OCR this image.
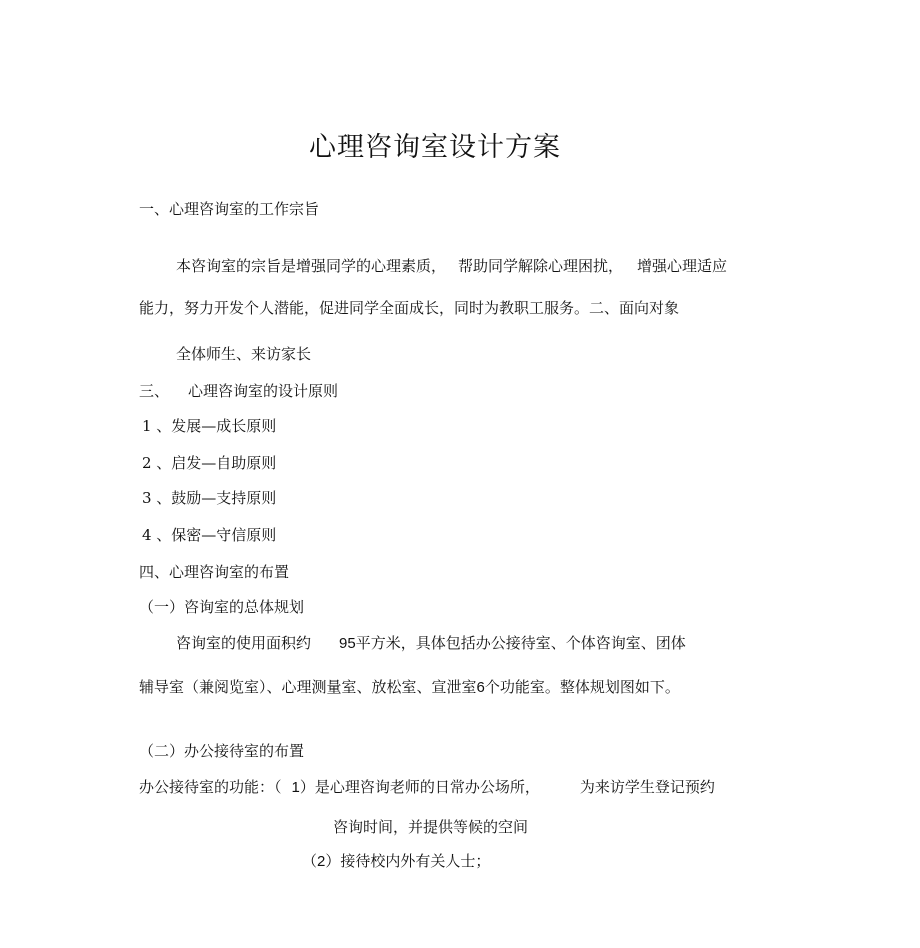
心理咨询室设计方案
一、心理咨询室的工作宗旨
本咨询室的宗旨是增强同学的心理素质， 帮助同学解除心理困扰， 增强心理适应
能力，努力开发个人潜能，促进同学全面成长，同时为教职工服务。二、面向对象
全体师生、来访家长
三、 心理咨询室的设计原则
1 、发展—成长原则
2 、启发—自助原则
3 、鼓励—支持原则
4 、保密—守信原则
四、心理咨询室的布置
（一）咨询室的总体规划
咨询室的使用面积约 95平方米，具体包括办公接待室、个体咨询室、团体
辅导室（兼阅览室）、心理测量室、放松室、宣泄室6个功能室。整体规划图如下。
（二）办公接待室的布置
办公接待室的功能：（ 1）是心理咨询老师的日常办公场所，	为来访学生登记预约
咨询时间，并提供等候的空间
（2）接待校内外有关人士；
